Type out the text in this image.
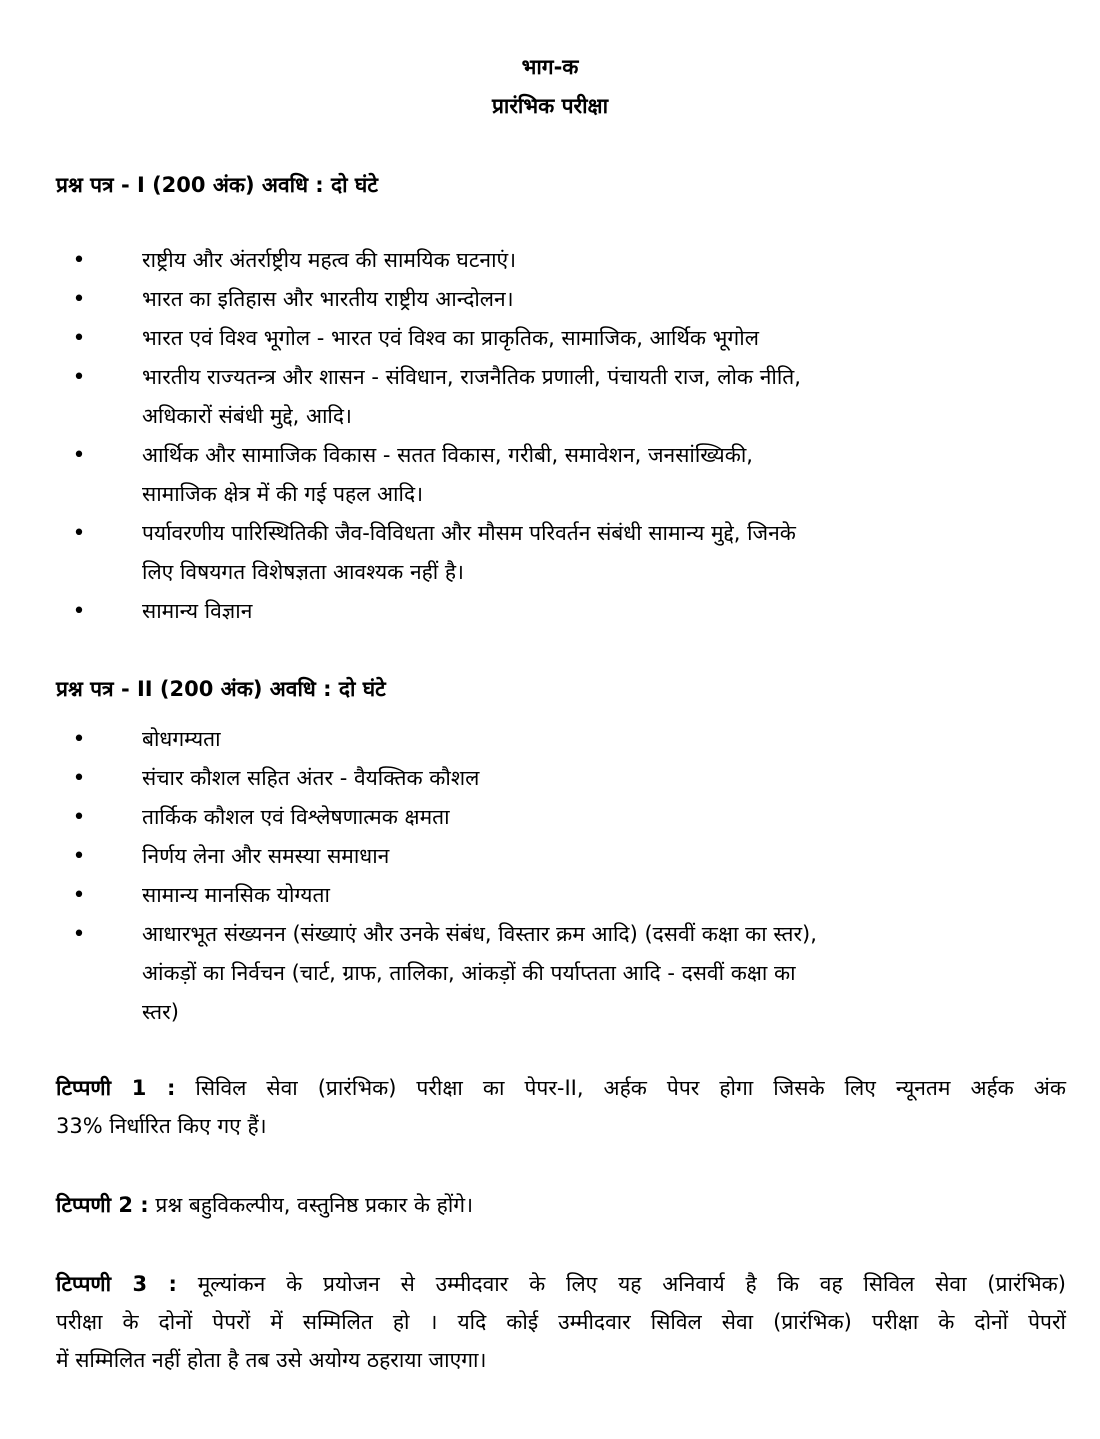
भाग-क
प्रारंभिक परीक्षा
प्रश्न पत्र - I (200 अंक) अवधि : दो घंटे
•	राष्ट्रीय और अंतर्राष्ट्रीय महत्व की सामयिक घटनाएं।
•	भारत का इतिहास और भारतीय राष्ट्रीय आन्दोलन।
•	भारत एवं विश्व भूगोल - भारत एवं विश्व का प्राकृतिक, सामाजिक, आर्थिक भूगोल
•	भारतीय राज्यतन्त्र और शासन - संविधान, राजनैतिक प्रणाली, पंचायती राज, लोक नीति,
अधिकारों संबंधी मुद्दे, आदि।
•	आर्थिक और सामाजिक विकास - सतत विकास, गरीबी, समावेशन, जनसांख्यिकी,
सामाजिक क्षेत्र में की गई पहल आदि।
•	पर्यावरणीय पारिस्थितिकी जैव-विविधता और मौसम परिवर्तन संबंधी सामान्य मुद्दे, जिनके
लिए विषयगत विशेषज्ञता आवश्यक नहीं है।
•	सामान्य विज्ञान
प्रश्न पत्र - II (200 अंक) अवधि : दो घंटे
•	बोधगम्यता
•	संचार कौशल सहित अंतर - वैयक्तिक कौशल
•	तार्किक कौशल एवं विश्लेषणात्मक क्षमता
•	निर्णय लेना और समस्या समाधान
•	सामान्य मानसिक योग्यता
•	आधारभूत संख्यनन (संख्याएं और उनके संबंध, विस्तार क्रम आदि) (दसवीं कक्षा का स्तर),
आंकड़ों का निर्वचन (चार्ट, ग्राफ, तालिका, आंकड़ों की पर्याप्तता आदि - दसवीं कक्षा का
स्तर)
टिप्पणी 1 : सिविल सेवा (प्रारंभिक) परीक्षा का पेपर-II, अर्हक पेपर होगा जिसके लिए न्यूनतम अर्हक अंक
33% निर्धारित किए गए हैं।
टिप्पणी 2 : प्रश्न बहुविकल्पीय, वस्तुनिष्ठ प्रकार के होंगे।
टिप्पणी 3 : मूल्यांकन के प्रयोजन से उम्मीदवार के लिए यह अनिवार्य है कि वह सिविल सेवा (प्रारंभिक)
परीक्षा के दोनों पेपरों में सम्मिलित हो । यदि कोई उम्मीदवार सिविल सेवा (प्रारंभिक) परीक्षा के दोनों पेपरों
में सम्मिलित नहीं होता है तब उसे अयोग्य ठहराया जाएगा।
